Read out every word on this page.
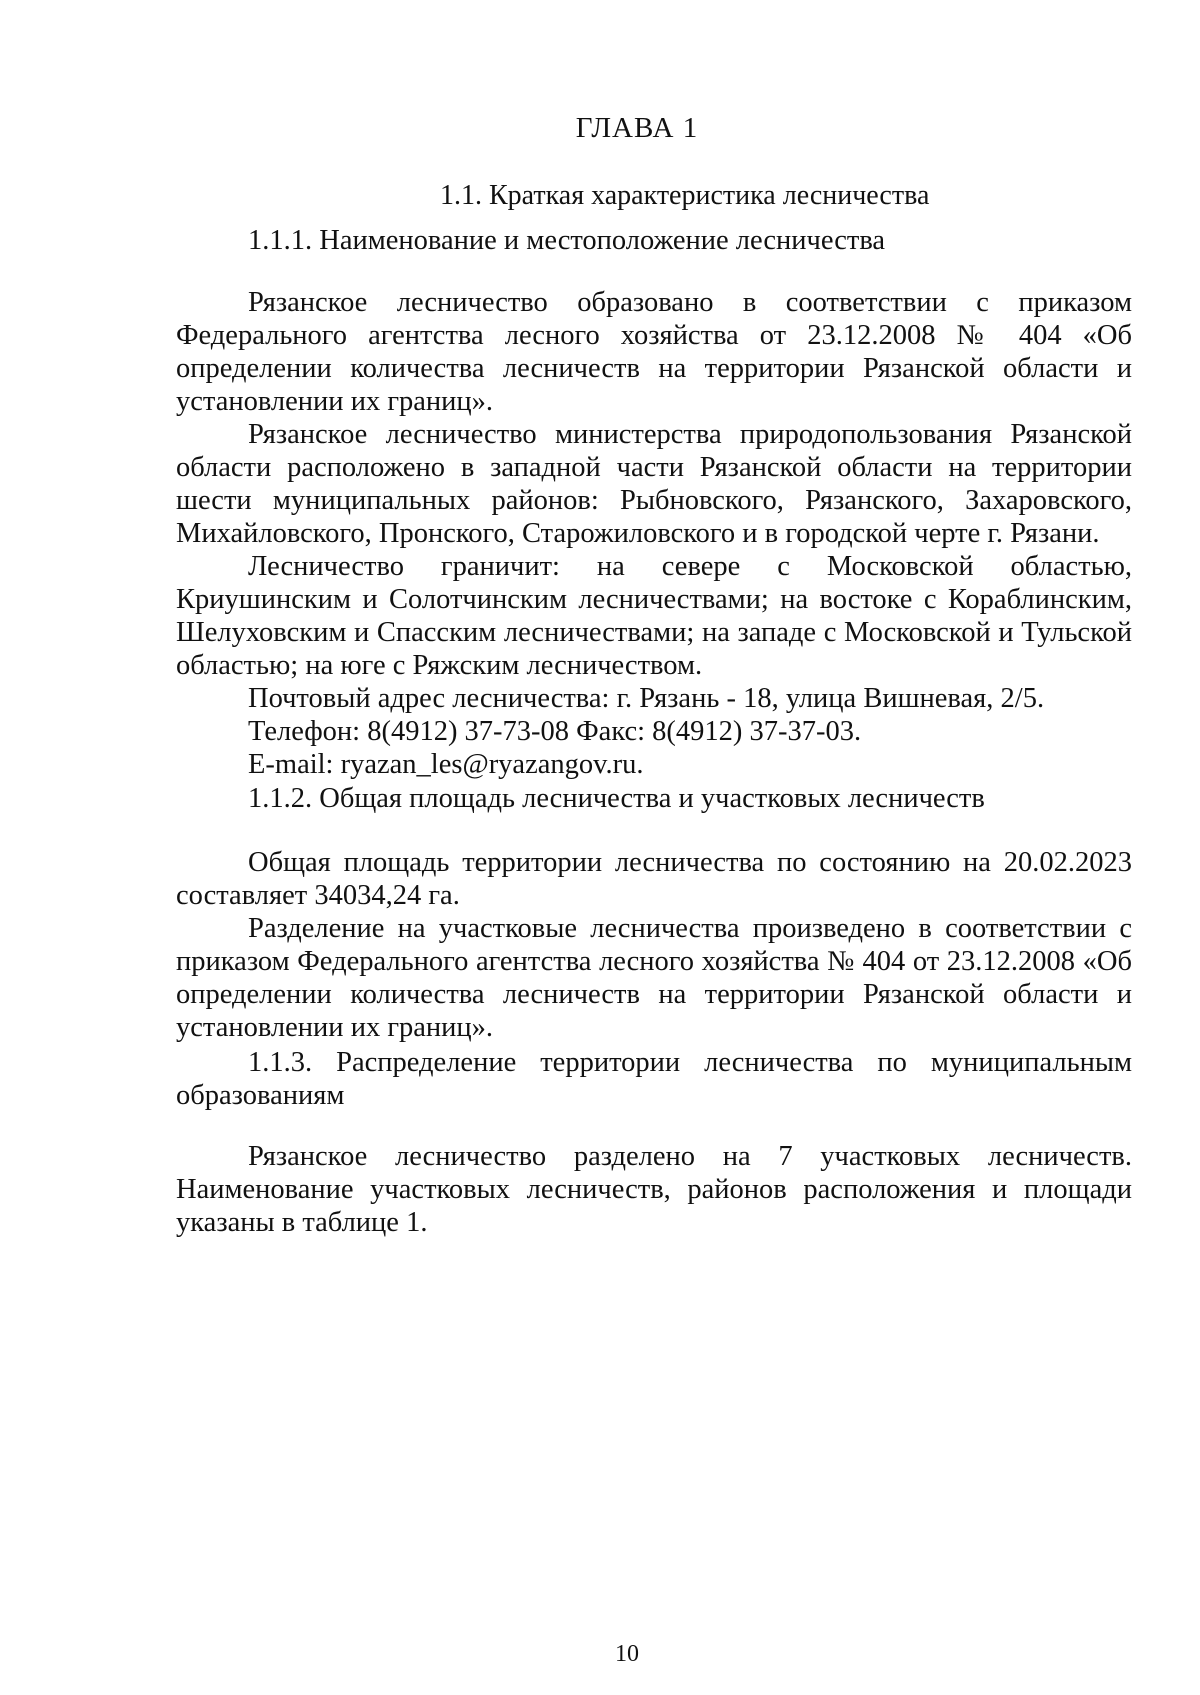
ГЛАВА 1
1.1. Краткая характеристика лесничества

1.1.1. Наименование и местоположение лесничества

Рязанское лесничество образовано в соответствии с приказом Федерального агентства лесного хозяйства от 23.12.2008 № 404 «Об определении количества лесничеств на территории Рязанской области и установлении их границ».

Рязанское лесничество министерства природопользования Рязанской области расположено в западной части Рязанской области на территории шести муниципальных районов: Рыбновского, Рязанского, Захаровского, Михайловского, Пронского, Старожиловского и в городской черте г. Рязани.

Лесничество граничит: на севере с Московской областью, Криушинским и Солотчинским лесничествами; на востоке с Кораблинским, Шелуховским и Спасским лесничествами; на западе с Московской и Тульской областью; на юге с Ряжским лесничеством.

Почтовый адрес лесничества: г. Рязань - 18, улица Вишневая, 2/5.

Телефон: 8(4912) 37-73-08 Факс: 8(4912) 37-37-03.

E-mail: ryazan_les@ryazangov.ru.

1.1.2. Общая площадь лесничества и участковых лесничеств

Общая площадь территории лесничества по состоянию на 20.02.2023 составляет 34034,24 га.

Разделение на участковые лесничества произведено в соответствии с приказом Федерального агентства лесного хозяйства № 404 от 23.12.2008 «Об определении количества лесничеств на территории Рязанской области и установлении их границ».

1.1.3. Распределение территории лесничества по муниципальным образованиям

Рязанское лесничество разделено на 7 участковых лесничеств. Наименование участковых лесничеств, районов расположения и площади указаны в таблице 1.

10
